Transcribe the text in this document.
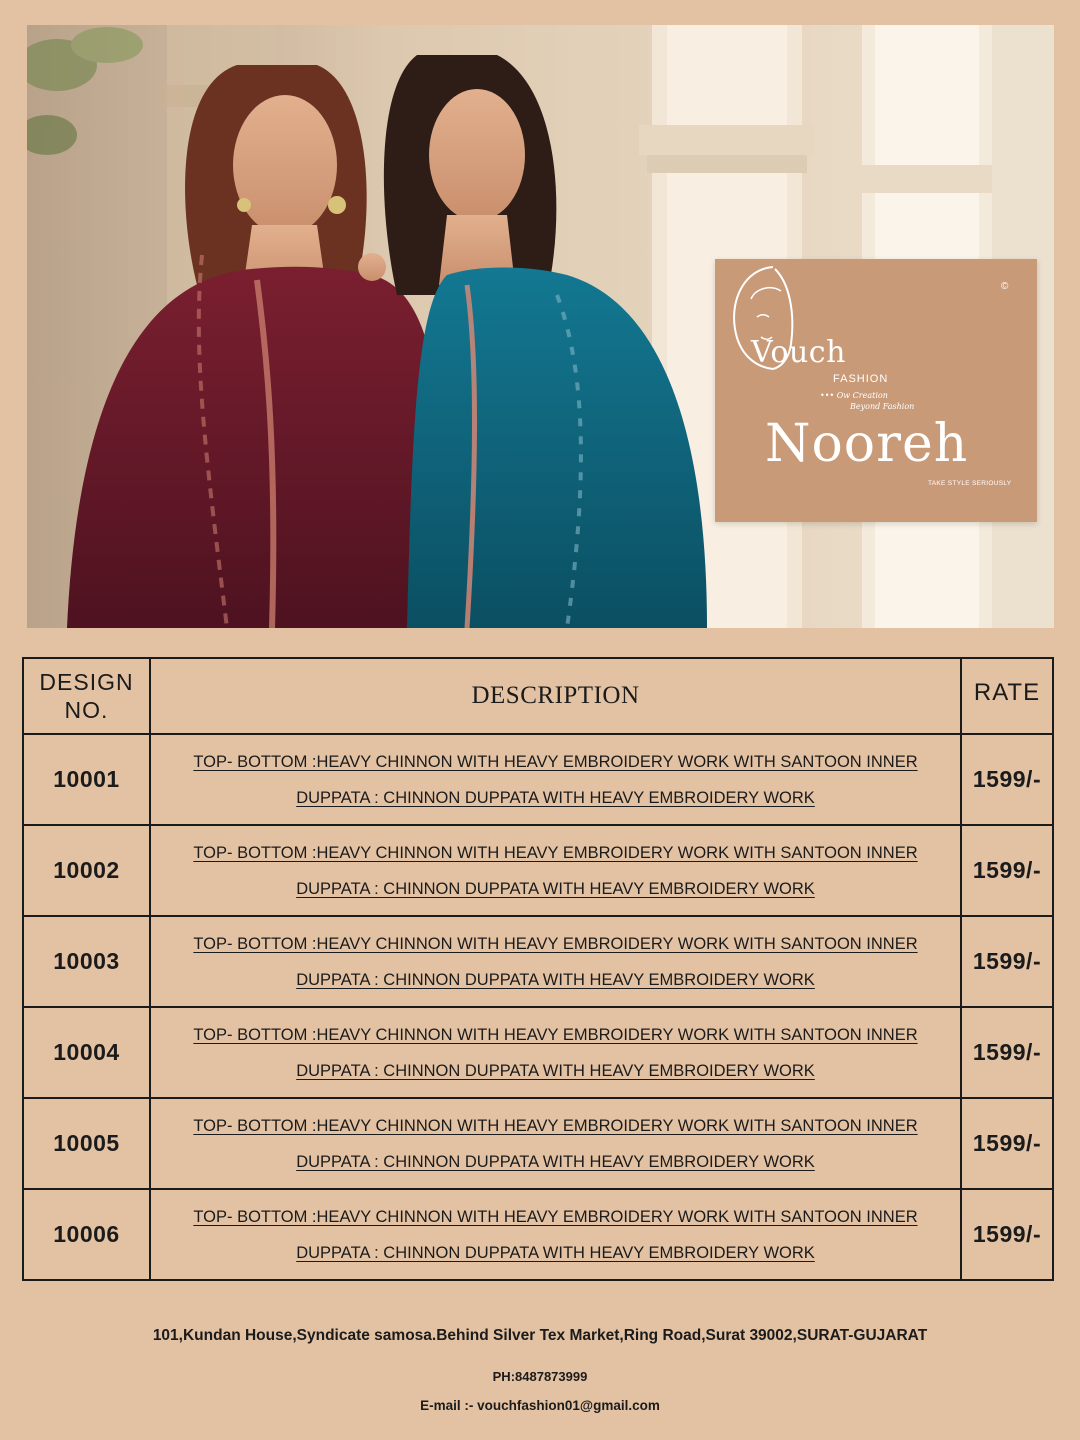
©
Vouch
FASHION
••• Ow Creation
Beyond Fashion
Nooreh
TAKE STYLE SERIOUSLY
DESIGN
NO.	DESCRIPTION	RATE
10001	TOP- BOTTOM :HEAVY CHINNON WITH HEAVY EMBROIDERY WORK WITH SANTOON INNER
DUPPATA : CHINNON DUPPATA WITH HEAVY EMBROIDERY WORK	1599/-
10002	TOP- BOTTOM :HEAVY CHINNON WITH HEAVY EMBROIDERY WORK WITH SANTOON INNER
DUPPATA : CHINNON DUPPATA WITH HEAVY EMBROIDERY WORK	1599/-
10003	TOP- BOTTOM :HEAVY CHINNON WITH HEAVY EMBROIDERY WORK WITH SANTOON INNER
DUPPATA : CHINNON DUPPATA WITH HEAVY EMBROIDERY WORK	1599/-
10004	TOP- BOTTOM :HEAVY CHINNON WITH HEAVY EMBROIDERY WORK WITH SANTOON INNER
DUPPATA : CHINNON DUPPATA WITH HEAVY EMBROIDERY WORK	1599/-
10005	TOP- BOTTOM :HEAVY CHINNON WITH HEAVY EMBROIDERY WORK WITH SANTOON INNER
DUPPATA : CHINNON DUPPATA WITH HEAVY EMBROIDERY WORK	1599/-
10006	TOP- BOTTOM :HEAVY CHINNON WITH HEAVY EMBROIDERY WORK WITH SANTOON INNER
DUPPATA : CHINNON DUPPATA WITH HEAVY EMBROIDERY WORK	1599/-
101,Kundan House,Syndicate samosa.Behind Silver Tex Market,Ring Road,Surat 39002,SURAT-GUJARAT
PH:8487873999
E-mail :- vouchfashion01@gmail.com
